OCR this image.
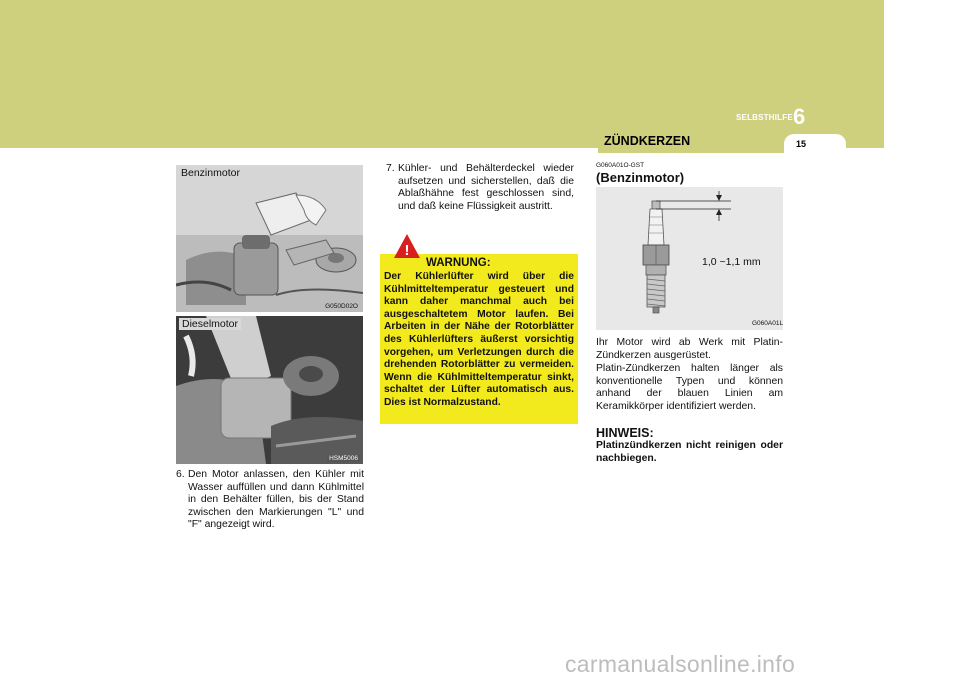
SELBSTHILFE 6
ZÜNDKERZEN	15
Benzinmotor
G050D02O
Dieselmotor
HSM5006
6. Den Motor anlassen, den Kühler mit Wasser auffüllen und dann Kühlmittel in den Behälter füllen, bis der Stand zwischen den Markierungen "L" und "F" angezeigt wird.
7. Kühler- und Behälterdeckel wieder aufsetzen und sicherstellen, daß die Ablaßhähne fest geschlossen sind, und daß keine Flüssigkeit austritt.
!
WARNUNG:
Der Kühlerlüfter wird über die Kühlmitteltemperatur gesteuert und kann daher manchmal auch bei ausgeschaltetem Motor laufen. Bei Arbeiten in der Nähe der Rotorblätter des Kühlerlüfters äußerst vorsichtig vorgehen, um Verletzungen durch die drehenden Rotorblätter zu vermeiden. Wenn die Kühlmitteltemperatur sinkt, schaltet der Lüfter automatisch aus. Dies ist Normalzustand.
G060A01O-GST
(Benzinmotor)
1,0 ~1,1 mm
G060A01L
Ihr Motor wird ab Werk mit Platin-Zündkerzen ausgerüstet.
Platin-Zündkerzen halten länger als konventionelle Typen und können anhand der blauen Linien am Keramikkörper identifiziert werden.
HINWEIS:
Platinzündkerzen nicht reinigen oder nachbiegen.
carmanualsonline.info
